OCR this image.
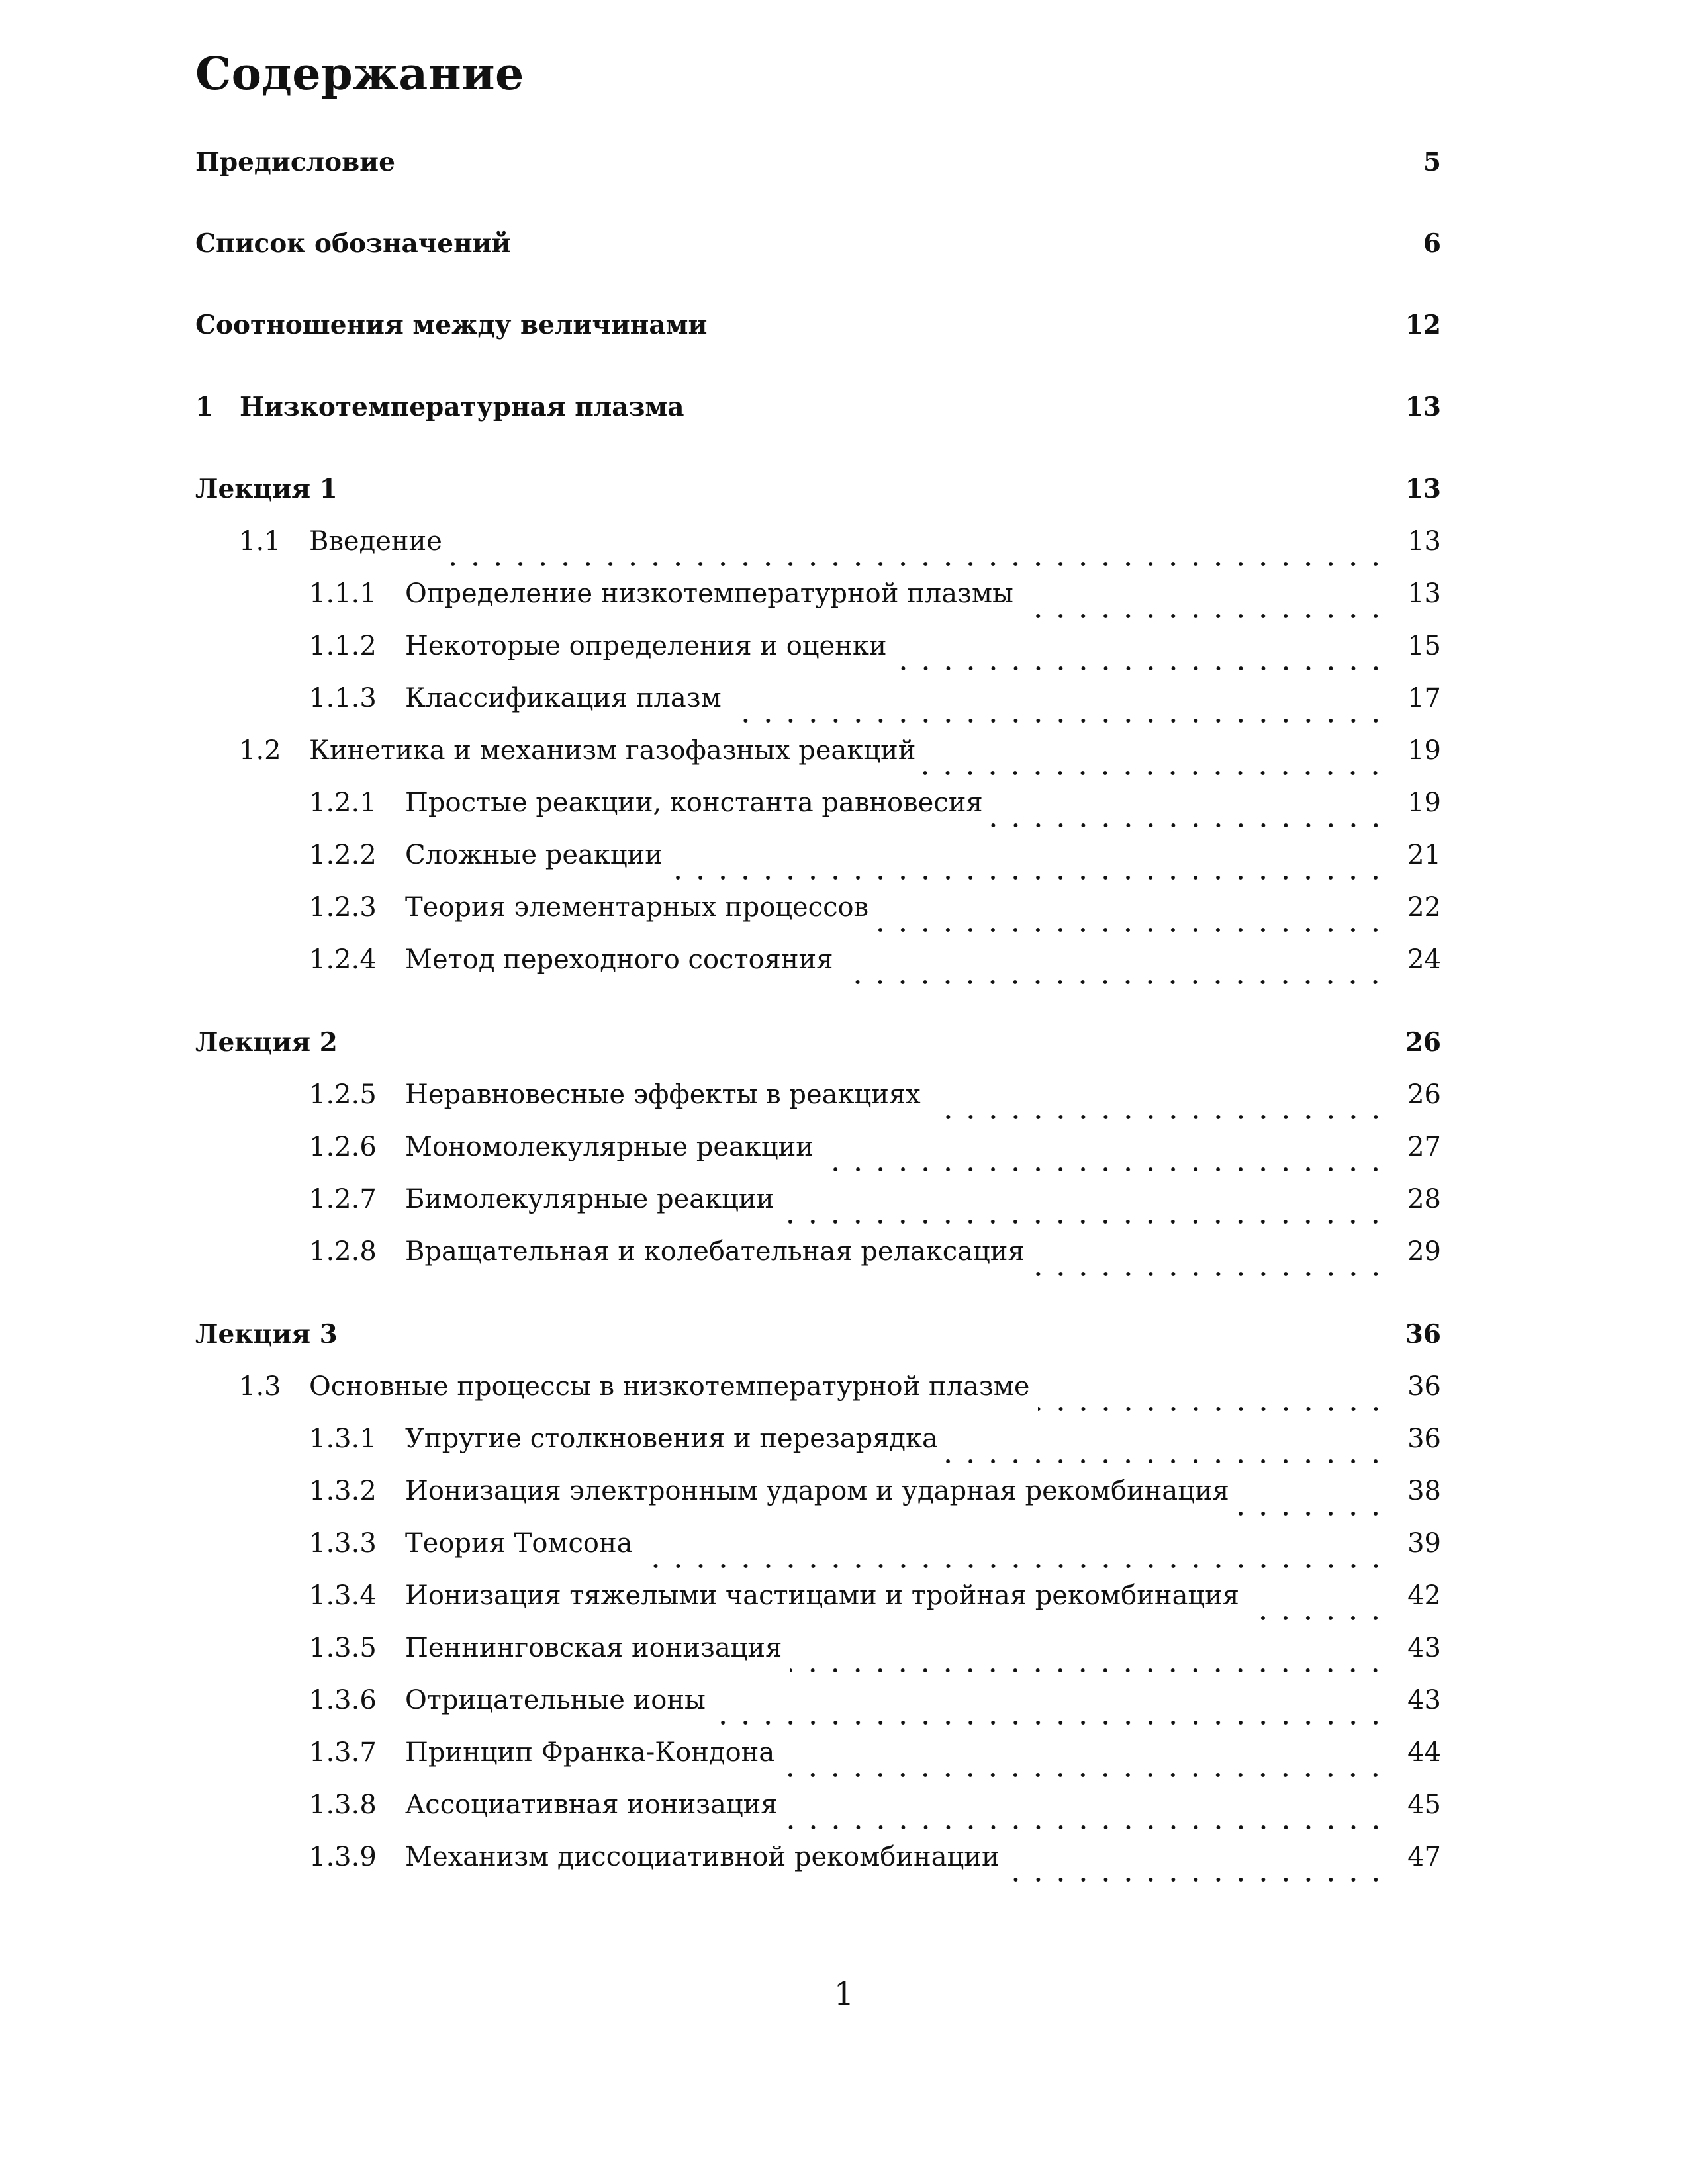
Содержание
Предисловие	5
Список обозначений	6
Соотношения между величинами	12
1	Низкотемпературная плазма	13
Лекция 1	13
1.1	Введение	13
1.1.1	Определение низкотемпературной плазмы	13
1.1.2	Некоторые определения и оценки	15
1.1.3	Классификация плазм	17
1.2	Кинетика и механизм газофазных реакций	19
1.2.1	Простые реакции, константа равновесия	19
1.2.2	Сложные реакции	21
1.2.3	Теория элементарных процессов	22
1.2.4	Метод переходного состояния	24
Лекция 2	26
1.2.5	Неравновесные эффекты в реакциях	26
1.2.6	Мономолекулярные реакции	27
1.2.7	Бимолекулярные реакции	28
1.2.8	Вращательная и колебательная релаксация	29
Лекция 3	36
1.3	Основные процессы в низкотемпературной плазме	36
1.3.1	Упругие столкновения и перезарядка	36
1.3.2	Ионизация электронным ударом и ударная рекомбинация	38
1.3.3	Теория Томсона	39
1.3.4	Ионизация тяжелыми частицами и тройная рекомбинация	42
1.3.5	Пеннинговская ионизация	43
1.3.6	Отрицательные ионы	43
1.3.7	Принцип Франка-Кондона	44
1.3.8	Ассоциативная ионизация	45
1.3.9	Механизм диссоциативной рекомбинации	47
1
